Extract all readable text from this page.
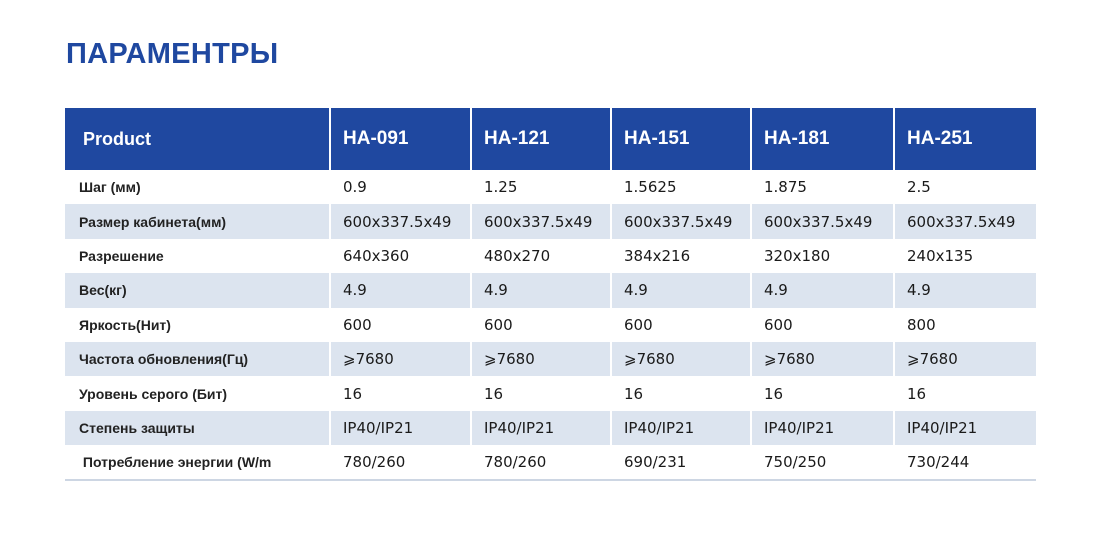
ПАРАМЕНТРЫ
Product	HA-091	HA-121	HA-151	HA-181	HA-251
Шаг (мм)	0.9	1.25	1.5625	1.875	2.5
Размер кабинета(мм)	600x337.5x49	600x337.5x49	600x337.5x49	600x337.5x49	600x337.5x49
Разрешение	640x360	480x270	384x216	320x180	240x135
Вес(кг)	4.9	4.9	4.9	4.9	4.9
Яркость(Нит)	600	600	600	600	800
Частота обновления(Гц)	⩾7680	⩾7680	⩾7680	⩾7680	⩾7680
Уровень серого (Бит)	16	16	16	16	16
Степень защиты	IP40/IP21	IP40/IP21	IP40/IP21	IP40/IP21	IP40/IP21
Потребление энергии (W/m	780/260	780/260	690/231	750/250	730/244
